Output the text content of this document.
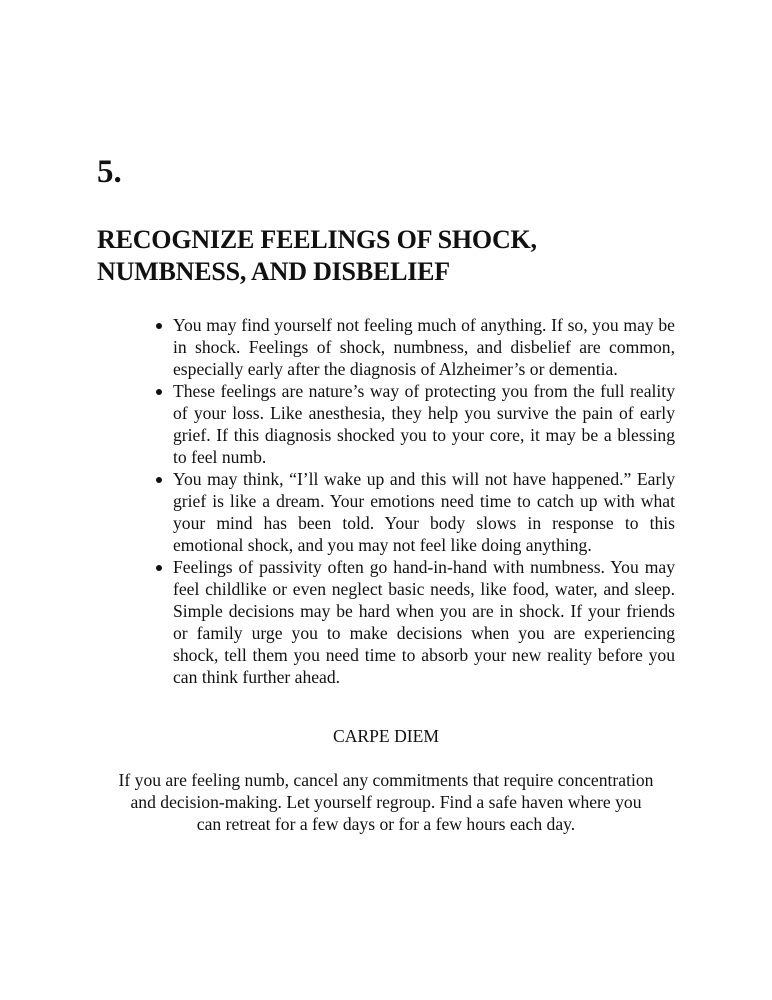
5.
RECOGNIZE FEELINGS OF SHOCK,
NUMBNESS, AND DISBELIEF
You may find yourself not feeling much of anything. If so, you may be in shock. Feelings of shock, numbness, and disbelief are common, especially early after the diagnosis of Alzheimer’s or dementia.
These feelings are nature’s way of protecting you from the full reality of your loss. Like anesthesia, they help you survive the pain of early grief. If this diagnosis shocked you to your core, it may be a blessing to feel numb.
You may think, “I’ll wake up and this will not have happened.” Early grief is like a dream. Your emotions need time to catch up with what your mind has been told. Your body slows in response to this emotional shock, and you may not feel like doing anything.
Feelings of passivity often go hand-in-hand with numbness. You may feel childlike or even neglect basic needs, like food, water, and sleep. Simple decisions may be hard when you are in shock. If your friends or family urge you to make decisions when you are experiencing shock, tell them you need time to absorb your new reality before you can think further ahead.
CARPE DIEM

If you are feeling numb, cancel any commitments that require concentration
and decision-making. Let yourself regroup. Find a safe haven where you
can retreat for a few days or for a few hours each day.
